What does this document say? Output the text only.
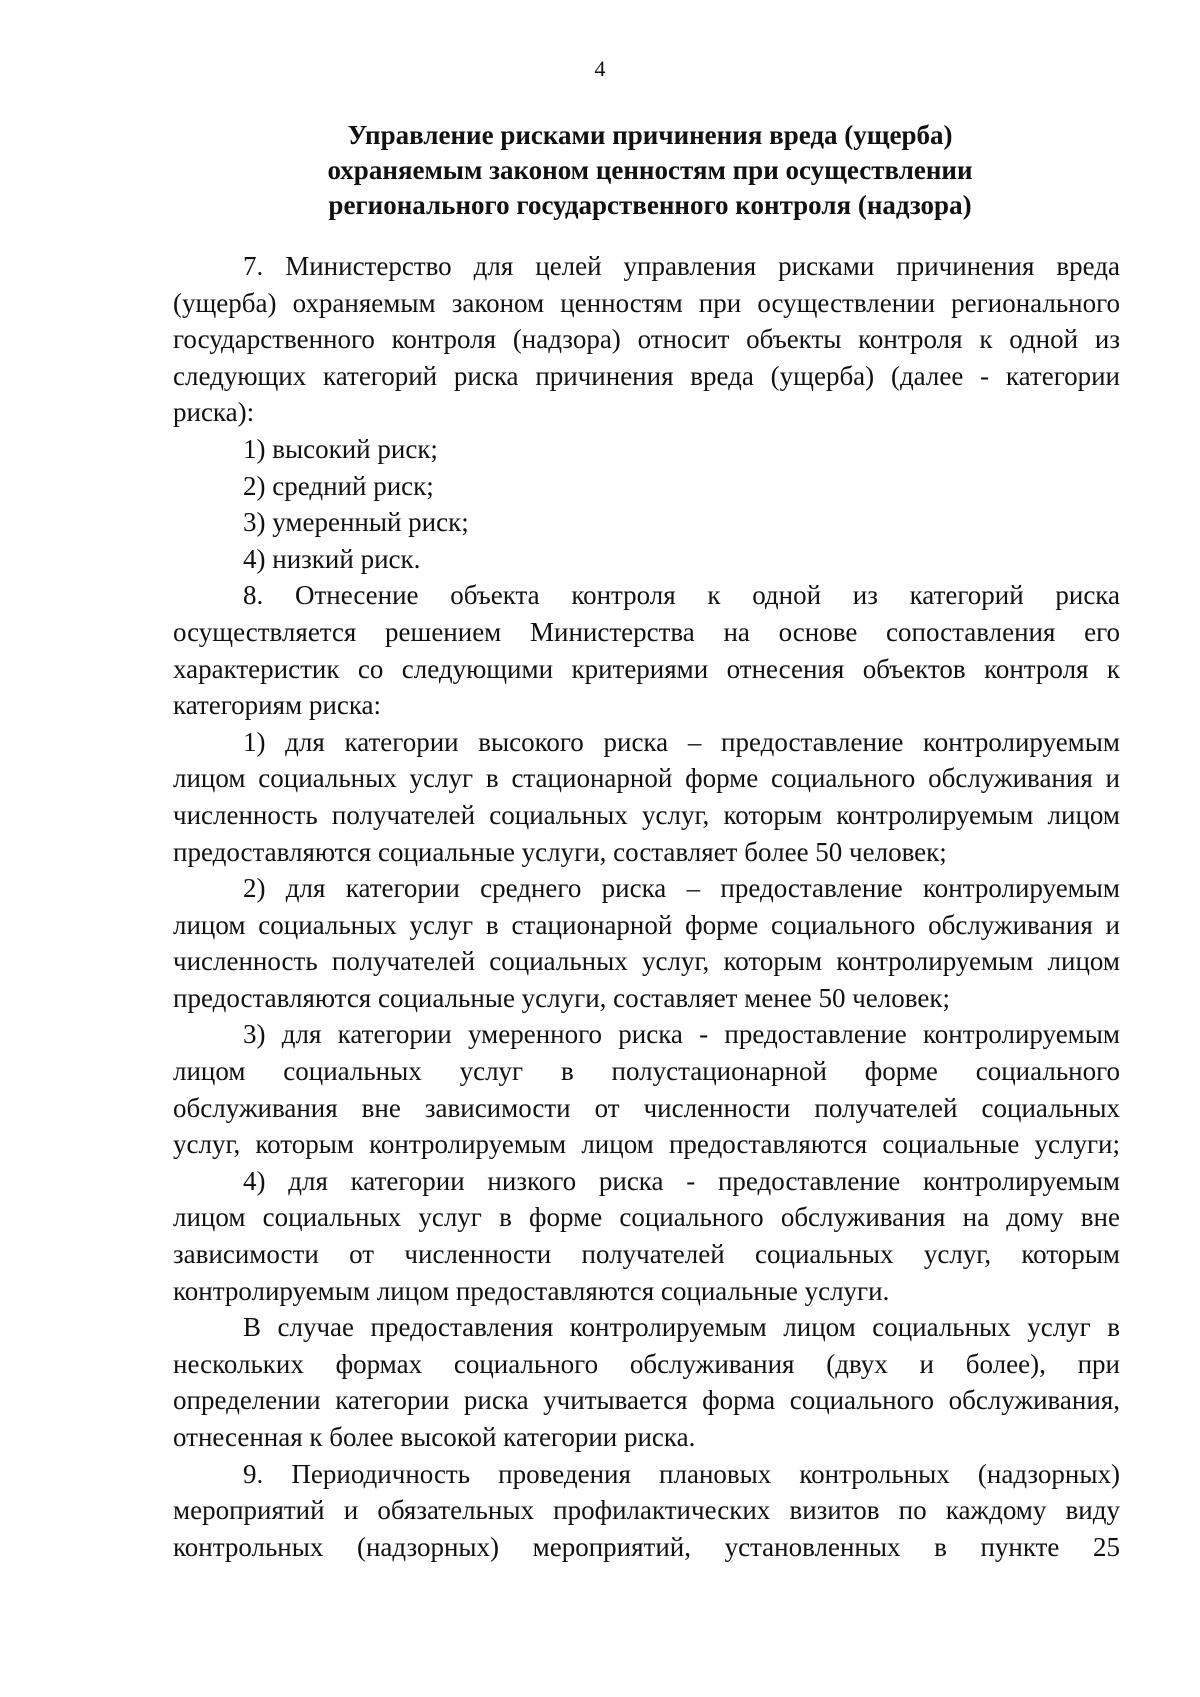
4
Управление рисками причинения вреда (ущерба)
охраняемым законом ценностям при осуществлении
регионального государственного контроля (надзора)

7. Министерство для целей управления рисками причинения вреда
(ущерба) охраняемым законом ценностям при осуществлении регионального
государственного контроля (надзора) относит объекты контроля к одной из
следующих категорий риска причинения вреда (ущерба) (далее - категории
риска):

1) высокий риск;

2) средний риск;

3) умеренный риск;

4) низкий риск.

8. Отнесение объекта контроля к одной из категорий риска
осуществляется решением Министерства на основе сопоставления его
характеристик со следующими критериями отнесения объектов контроля к
категориям риска:

1) для категории высокого риска – предоставление контролируемым
лицом социальных услуг в стационарной форме социального обслуживания и
численность получателей социальных услуг, которым контролируемым лицом
предоставляются социальные услуги, составляет более 50 человек;

2) для категории среднего риска – предоставление контролируемым
лицом социальных услуг в стационарной форме социального обслуживания и
численность получателей социальных услуг, которым контролируемым лицом
предоставляются социальные услуги, составляет менее 50 человек;

3) для категории умеренного риска - предоставление контролируемым
лицом социальных услуг в полустационарной форме социального
обслуживания вне зависимости от численности получателей социальных
услуг, которым контролируемым лицом предоставляются социальные услуги;

4) для категории низкого риска - предоставление контролируемым
лицом социальных услуг в форме социального обслуживания на дому вне
зависимости от численности получателей социальных услуг, которым
контролируемым лицом предоставляются социальные услуги.

В случае предоставления контролируемым лицом социальных услуг в
нескольких формах социального обслуживания (двух и более), при
определении категории риска учитывается форма социального обслуживания,
отнесенная к более высокой категории риска.

9. Периодичность проведения плановых контрольных (надзорных)
мероприятий и обязательных профилактических визитов по каждому виду
контрольных (надзорных) мероприятий, установленных в пункте 25
